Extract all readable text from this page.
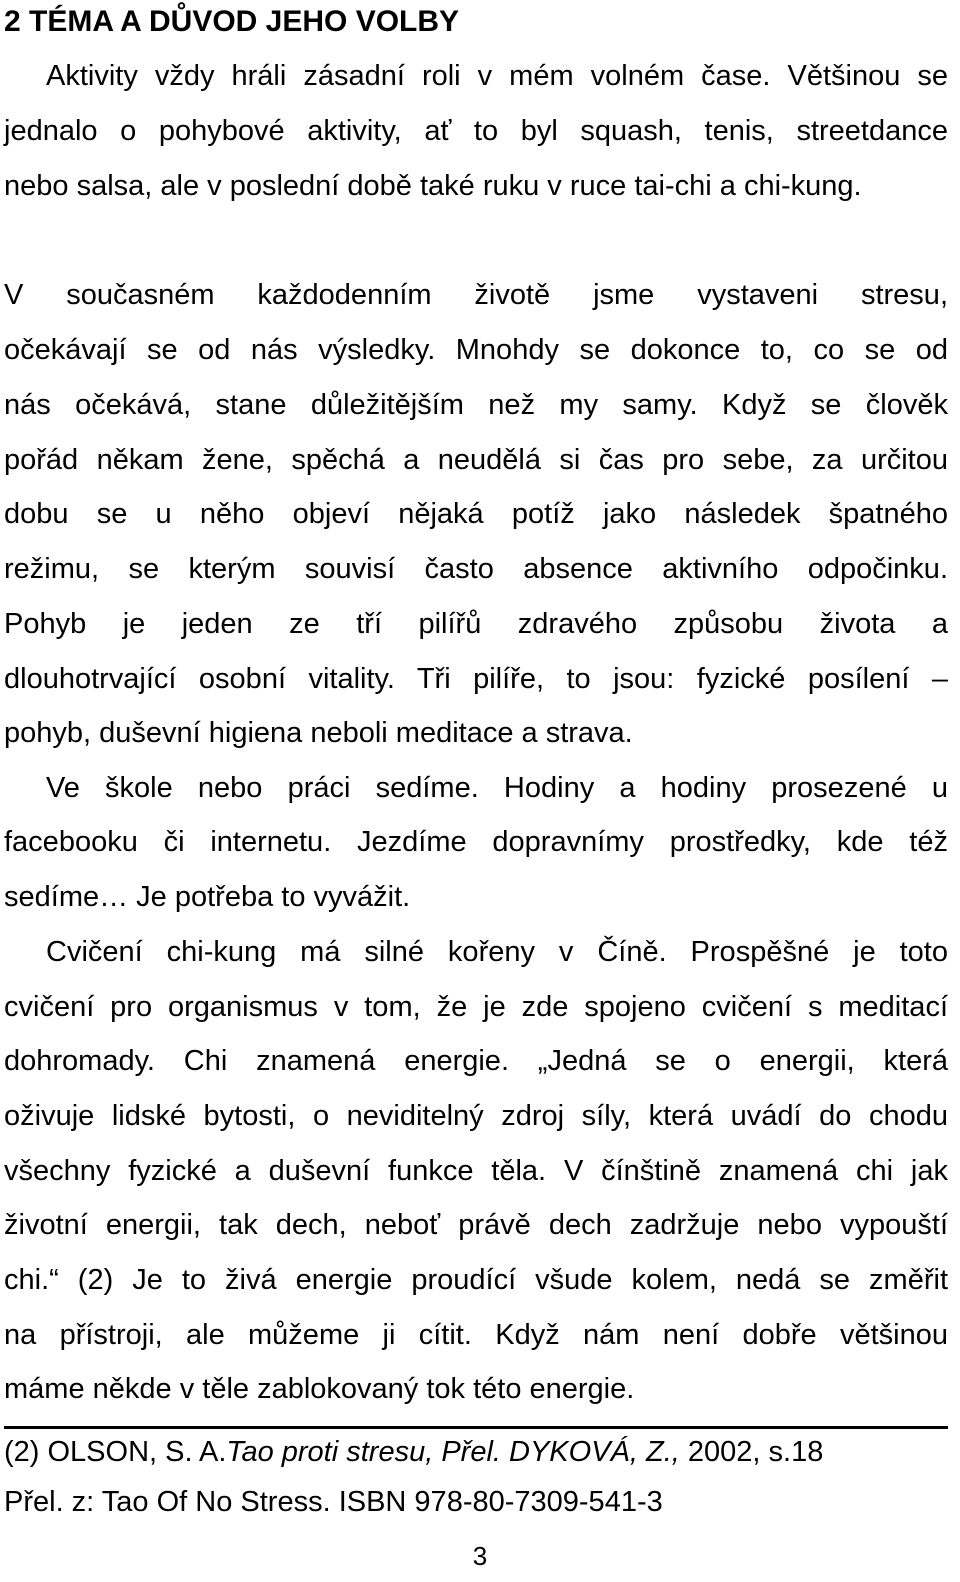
2 TÉMA A DŮVOD JEHO VOLBY

Aktivity vždy hráli zásadní roli v mém volném čase. Většinou se

jednalo o pohybové aktivity, ať to byl squash, tenis, streetdance

nebo salsa, ale v poslední době také ruku v ruce tai-chi a chi-kung.

V současném každodenním životě jsme vystaveni stresu,

očekávají se od nás výsledky. Mnohdy se dokonce to, co se od

nás očekává, stane důležitějším než my samy. Když se člověk

pořád někam žene, spěchá a neudělá si čas pro sebe, za určitou

dobu se u něho objeví nějaká potíž jako následek špatného

režimu, se kterým souvisí často absence aktivního odpočinku.

Pohyb je jeden ze tří pilířů zdravého způsobu života a

dlouhotrvající osobní vitality. Tři pilíře, to jsou: fyzické posílení –

pohyb, duševní higiena neboli meditace a strava.

Ve škole nebo práci sedíme. Hodiny a hodiny prosezené u

facebooku či internetu. Jezdíme dopravnímy prostředky, kde též

sedíme… Je potřeba to vyvážit.

Cvičení chi-kung má silné kořeny v Číně. Prospěšné je toto

cvičení pro organismus v tom, že je zde spojeno cvičení s meditací

dohromady. Chi znamená energie. „Jedná se o energii, která

oživuje lidské bytosti, o neviditelný zdroj síly, která uvádí do chodu

všechny fyzické a duševní funkce těla. V čínštině znamená chi jak

životní energii, tak dech, neboť právě dech zadržuje nebo vypouští

chi.“ (2) Je to živá energie proudící všude kolem, nedá se změřit

na přístroji, ale můžeme ji cítit. Když nám není dobře většinou

máme někde v těle zablokovaný tok této energie.

(2) OLSON, S. A.Tao proti stresu, Přel. DYKOVÁ, Z., 2002, s.18

Přel. z: Tao Of No Stress. ISBN 978-80-7309-541-3

3
